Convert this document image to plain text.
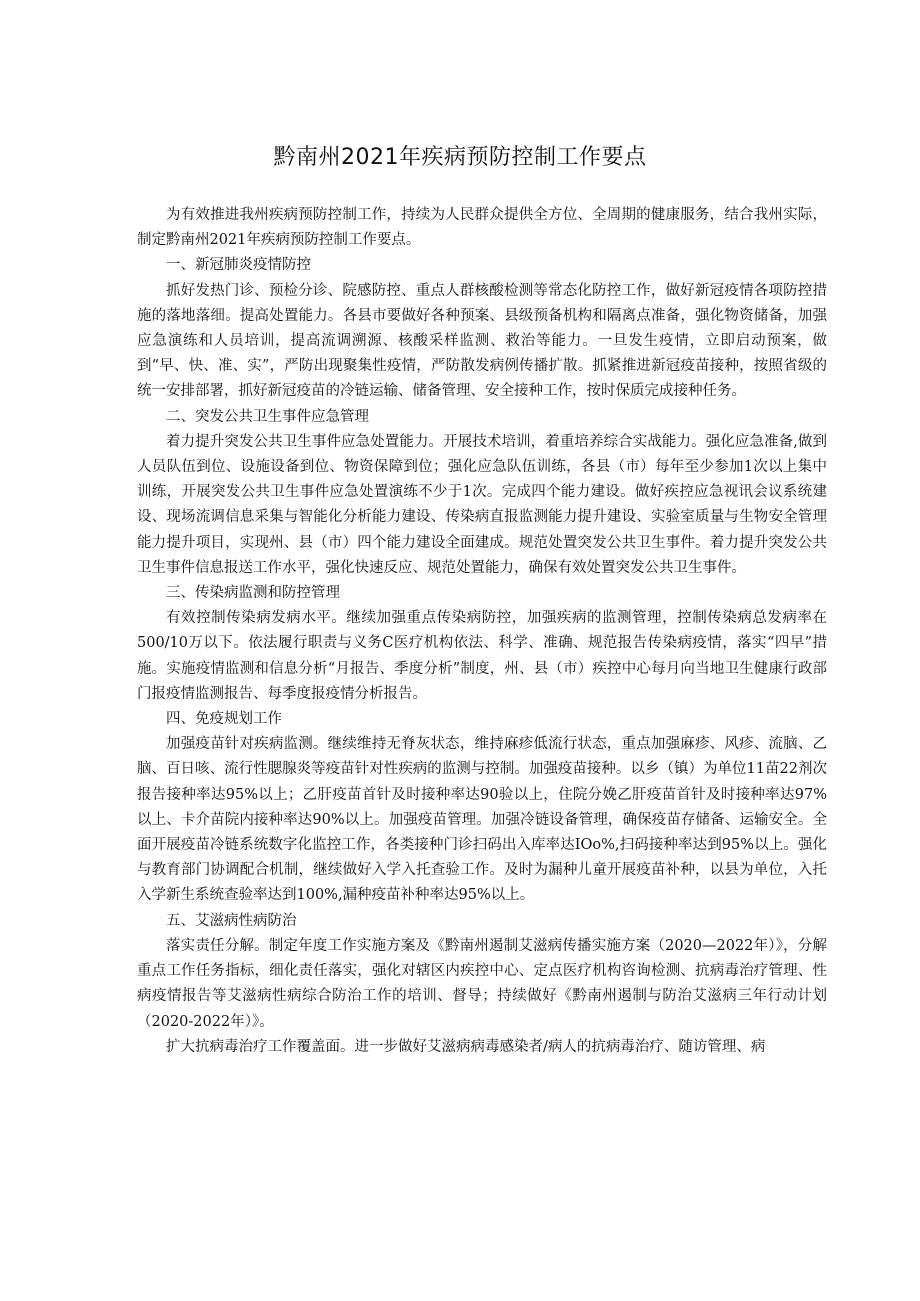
黔南州2021年疾病预防控制工作要点

为有效推进我州疾病预防控制工作，持续为人民群众提供全方位、全周期的健康服务，结合我州实际，制定黔南州2021年疾病预防控制工作要点。

一、新冠肺炎疫情防控

抓好发热门诊、预检分诊、院感防控、重点人群核酸检测等常态化防控工作，做好新冠疫情各项防控措施的落地落细。提高处置能力。各县市要做好各种预案、县级预备机构和隔离点准备，强化物资储备，加强应急演练和人员培训，提高流调溯源、核酸采样监测、救治等能力。一旦发生疫情，立即启动预案，做到“早、快、准、实”，严防出现聚集性疫情，严防散发病例传播扩散。抓紧推进新冠疫苗接种，按照省级的统一安排部署，抓好新冠疫苗的冷链运输、储备管理、安全接种工作，按时保质完成接种任务。

二、突发公共卫生事件应急管理

着力提升突发公共卫生事件应急处置能力。开展技术培训，着重培养综合实战能力。强化应急准备,做到人员队伍到位、设施设备到位、物资保障到位；强化应急队伍训练，各县（市）每年至少参加1次以上集中训练，开展突发公共卫生事件应急处置演练不少于1次。完成四个能力建设。做好疾控应急视讯会议系统建设、现场流调信息采集与智能化分析能力建设、传染病直报监测能力提升建设、实验室质量与生物安全管理能力提升项目，实现州、县（市）四个能力建设全面建成。规范处置突发公共卫生事件。着力提升突发公共卫生事件信息报送工作水平，强化快速反应、规范处置能力，确保有效处置突发公共卫生事件。

三、传染病监测和防控管理

有效控制传染病发病水平。继续加强重点传染病防控，加强疾病的监测管理，控制传染病总发病率在500/10万以下。依法履行职责与义务C医疗机构依法、科学、准确、规范报告传染病疫情，落实“四早”措施。实施疫情监测和信息分析“月报告、季度分析”制度，州、县（市）疾控中心每月向当地卫生健康行政部门报疫情监测报告、每季度报疫情分析报告。

四、免疫规划工作

加强疫苗针对疾病监测。继续维持无脊灰状态，维持麻疹低流行状态，重点加强麻疹、风疹、流脑、乙脑、百日咳、流行性腮腺炎等疫苗针对性疾病的监测与控制。加强疫苗接种。以乡（镇）为单位11苗22剂次报告接种率达95%以上；乙肝疫苗首针及时接种率达90验以上，住院分娩乙肝疫苗首针及时接种率达97%以上、卡介苗院内接种率达90%以上。加强疫苗管理。加强冷链设备管理，确保疫苗存储备、运输安全。全面开展疫苗冷链系统数字化监控工作，各类接种门诊扫码出入库率达IOo%,扫码接种率达到95%以上。强化与教育部门协调配合机制，继续做好入学入托查验工作。及时为漏种儿童开展疫苗补种，以县为单位，入托入学新生系统查验率达到100%,漏种疫苗补种率达95%以上。

五、艾滋病性病防治

落实责任分解。制定年度工作实施方案及《黔南州遏制艾滋病传播实施方案（2020—2022年）》，分解重点工作任务指标，细化责任落实，强化对辖区内疾控中心、定点医疗机构咨询检测、抗病毒治疗管理、性病疫情报告等艾滋病性病综合防治工作的培训、督导；持续做好《黔南州遏制与防治艾滋病三年行动计划（2020-2022年）》。

扩大抗病毒治疗工作覆盖面。进一步做好艾滋病病毒感染者/病人的抗病毒治疗、随访管理、病
